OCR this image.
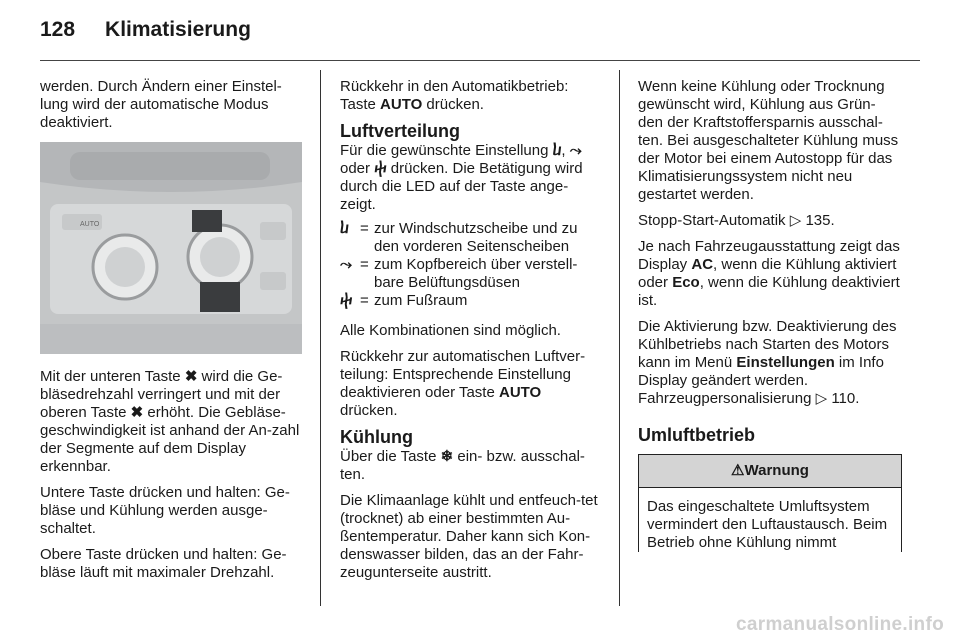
128 Klimatisierung

werden. Durch Ändern einer Einstel-lung wird der automatische Modus deaktiviert.

AUTO

Mit der unteren Taste ✖ wird die Ge-bläsedrehzahl verringert und mit der oberen Taste ✖ erhöht. Die Gebläse-geschwindigkeit ist anhand der An-zahl der Segmente auf dem Display erkennbar.

Untere Taste drücken und halten: Ge-bläse und Kühlung werden ausge-schaltet.

Obere Taste drücken und halten: Ge-bläse läuft mit maximaler Drehzahl.

Rückkehr in den Automatikbetrieb: Taste AUTO drücken.

Luftverteilung

Für die gewünschte Einstellung ⴑ, ⤳ oder ⴕ drücken. Die Betätigung wird durch die LED auf der Taste ange-zeigt.

ⴑ = zur Windschutzscheibe und zu den vorderen Seitenscheiben
⤳ = zum Kopfbereich über verstell-bare Belüftungsdüsen
ⴕ = zum Fußraum

Alle Kombinationen sind möglich.

Rückkehr zur automatischen Luftver-teilung: Entsprechende Einstellung deaktivieren oder Taste AUTO drücken.

Kühlung

Über die Taste ❄ ein- bzw. ausschal-ten.

Die Klimaanlage kühlt und entfeuch-tet (trocknet) ab einer bestimmten Au-ßentemperatur. Daher kann sich Kon-denswasser bilden, das an der Fahr-zeugunterseite austritt.

Wenn keine Kühlung oder Trocknung gewünscht wird, Kühlung aus Grün-den der Kraftstoffersparnis ausschal-ten. Bei ausgeschalteter Kühlung muss der Motor bei einem Autostopp für das Klimatisierungssystem nicht neu gestartet werden.

Stopp-Start-Automatik ▷ 135.

Je nach Fahrzeugausstattung zeigt das Display AC, wenn die Kühlung aktiviert oder Eco, wenn die Kühlung deaktiviert ist.

Die Aktivierung bzw. Deaktivierung des Kühlbetriebs nach Starten des Motors kann im Menü Einstellungen im Info Display geändert werden. Fahrzeugpersonalisierung ▷ 110.

Umluftbetrieb
⚠Warnung
Das eingeschaltete Umluftsystem vermindert den Luftaustausch. Beim Betrieb ohne Kühlung nimmt
carmanualsonline.info
